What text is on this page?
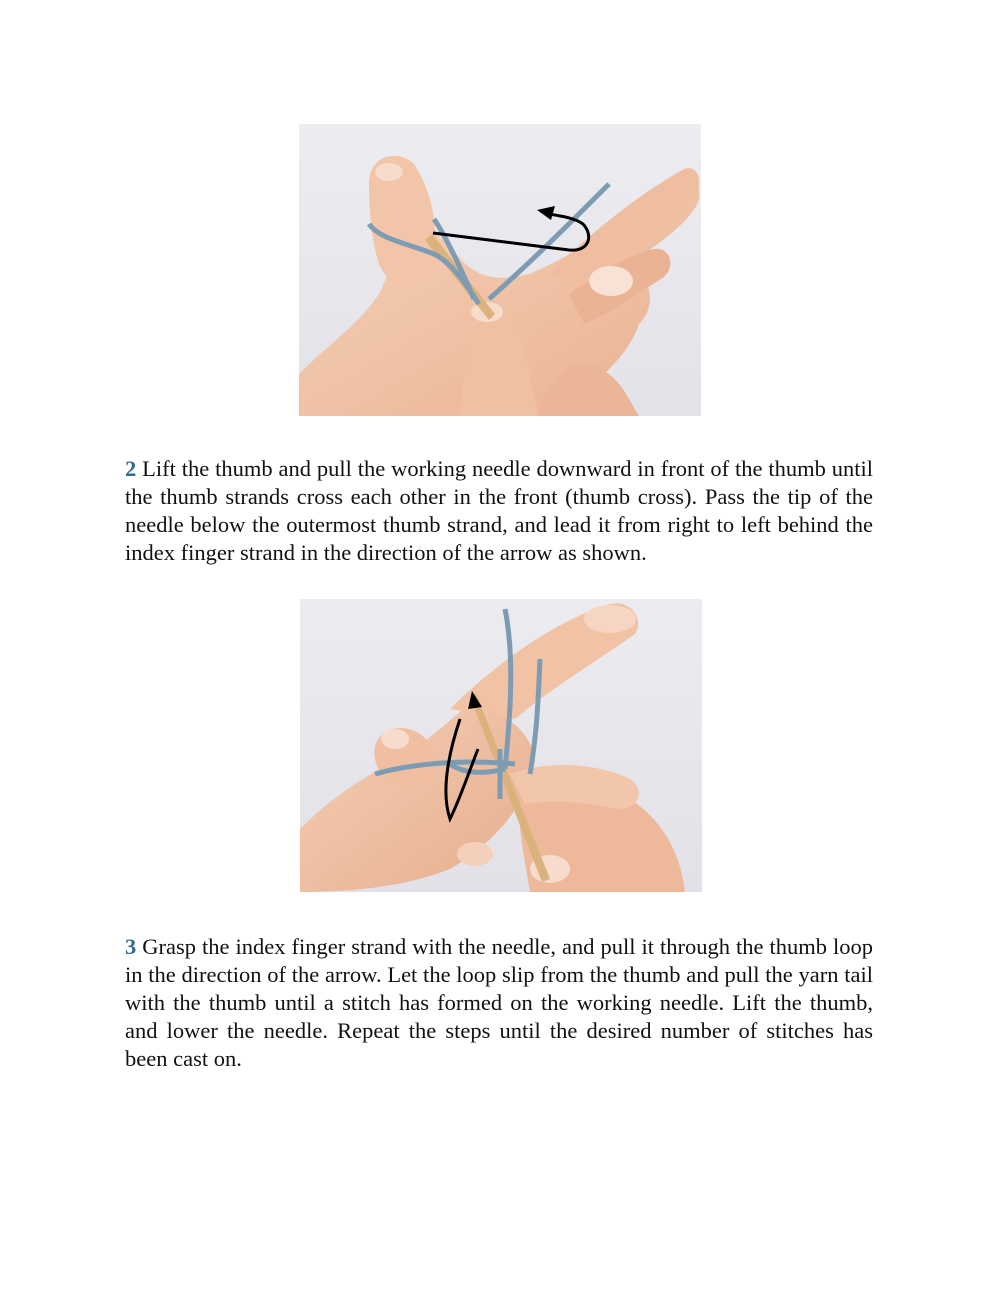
2 Lift the thumb and pull the working needle downward in front of the thumb until the thumb strands cross each other in the front (thumb cross). Pass the tip of the needle below the outermost thumb strand, and lead it from right to left behind the index finger strand in the direction of the arrow as shown.

3 Grasp the index finger strand with the needle, and pull it through the thumb loop in the direction of the arrow. Let the loop slip from the thumb and pull the yarn tail with the thumb until a stitch has formed on the working needle. Lift the thumb, and lower the needle. Repeat the steps until the desired number of stitches has been cast on.
